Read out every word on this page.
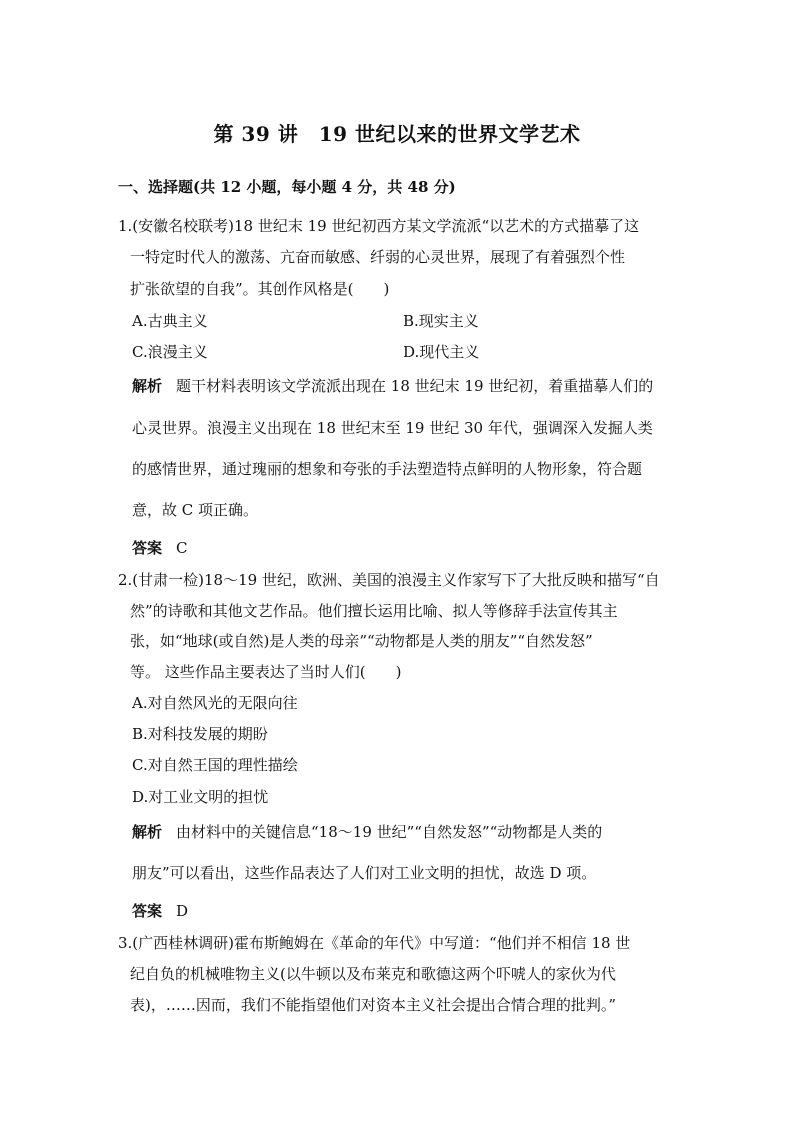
第 39 讲　19 世纪以来的世界文学艺术
一、选择题(共 12 小题，每小题 4 分，共 48 分)
1.(安徽名校联考)18 世纪末 19 世纪初西方某文学流派“以艺术的方式描摹了这
一特定时代人的激荡、亢奋而敏感、纤弱的心灵世界，展现了有着强烈个性
扩张欲望的自我”。其创作风格是(　　)
A.古典主义	B.现实主义
C.浪漫主义	D.现代主义
解析 题干材料表明该文学流派出现在 18 世纪末 19 世纪初，着重描摹人们的
心灵世界。浪漫主义出现在 18 世纪末至 19 世纪 30 年代，强调深入发掘人类
的感情世界，通过瑰丽的想象和夸张的手法塑造特点鲜明的人物形象，符合题
意，故 C 项正确。
答案 C
2.(甘肃一检)18～19 世纪，欧洲、美国的浪漫主义作家写下了大批反映和描写“自
然”的诗歌和其他文艺作品。他们擅长运用比喻、拟人等修辞手法宣传其主
张，如“地球(或自然)是人类的母亲”“动物都是人类的朋友”“自然发怒”
等。 这些作品主要表达了当时人们(　　)
A.对自然风光的无限向往
B.对科技发展的期盼
C.对自然王国的理性描绘
D.对工业文明的担忧
解析 由材料中的关键信息“18～19 世纪”“自然发怒”“动物都是人类的
朋友”可以看出，这些作品表达了人们对工业文明的担忧，故选 D 项。
答案 D
3.(广西桂林调研)霍布斯鲍姆在《革命的年代》中写道：“他们并不相信 18 世
纪自负的机械唯物主义(以牛顿以及布莱克和歌德这两个吓唬人的家伙为代
表)，……因而，我们不能指望他们对资本主义社会提出合情合理的批判。”
